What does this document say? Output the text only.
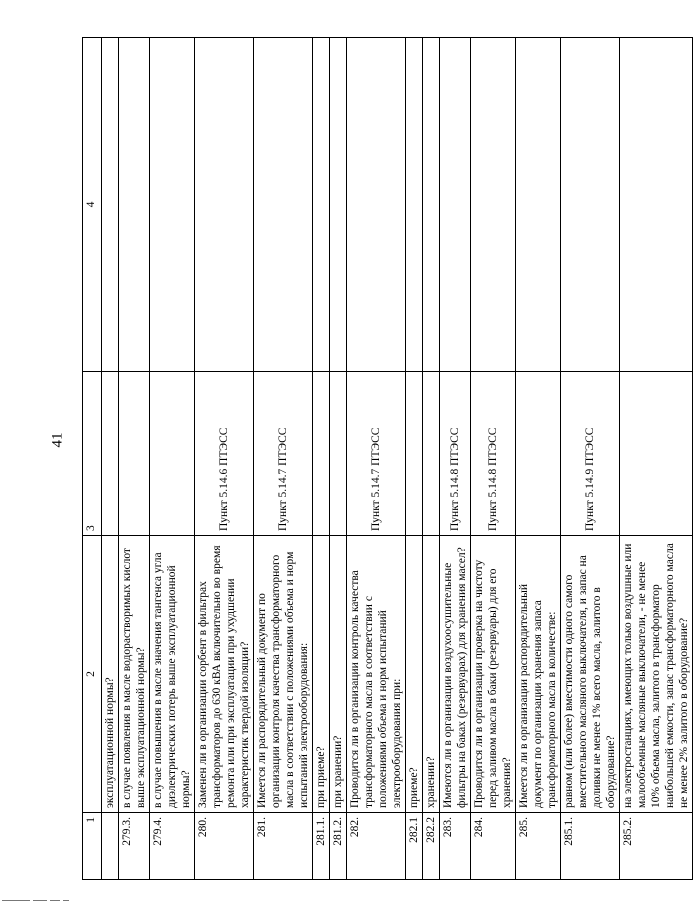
41
1	2	3	4
	эксплуатационной нормы?		
279.3.	в случае появления в масле водорастворимых кислот выше эксплуатационной нормы?		
279.4.	в случае повышения в масле значения тангенса угла диэлектрических потерь выше эксплуатационной нормы?		
280.	Заменен ли в организации сорбент в фильтрах трансформаторов до 630 кВА включительно во время ремонта или при эксплуатации при ухудшении характеристик твердой изоляции?	Пункт 5.14.6 ПТЭСС	
281.	Имеется ли распорядительный документ по организации контроля качества трансформаторного масла в соответствии с положениями объема и норм испытаний электрооборудования:	Пункт 5.14.7 ПТЭСС	
281.1.	при приеме?		
281.2.	при хранении?		
282.	Проводится ли в организации контроль качества трансформаторного масла в соответствии с положениями объема и норм испытаний электрооборудования при:	Пункт 5.14.7 ПТЭСС	
282.1	приеме?		
282.2	хранении?		
283.	Имеются ли в организации воздухоосушительные фильтры на баках (резервуарах) для хранения масел?	Пункт 5.14.8 ПТЭСС	
284.	Проводится ли в организации проверка на чистоту перед заливом масла в баки (резервуары) для его хранения?	Пункт 5.14.8 ПТЭСС	
285.	Имеется ли в организации распорядительный документ по организации хранения запаса трансформаторного масла в количестве:		
285.1.	равном (или более) вместимости одного самого вместительного масляного выключателя, и запас на доливки не менее 1% всего масла, залитого в оборудование?	Пункт 5.14.9 ПТЭСС	
285.2.	на электростанциях, имеющих только воздушные или малообъемные масляные выключатели, - не менее 10% объема масла, залитого в трансформатор наибольшей емкости, запас трансформаторного масла не менее 2% залитого в оборудование?		
